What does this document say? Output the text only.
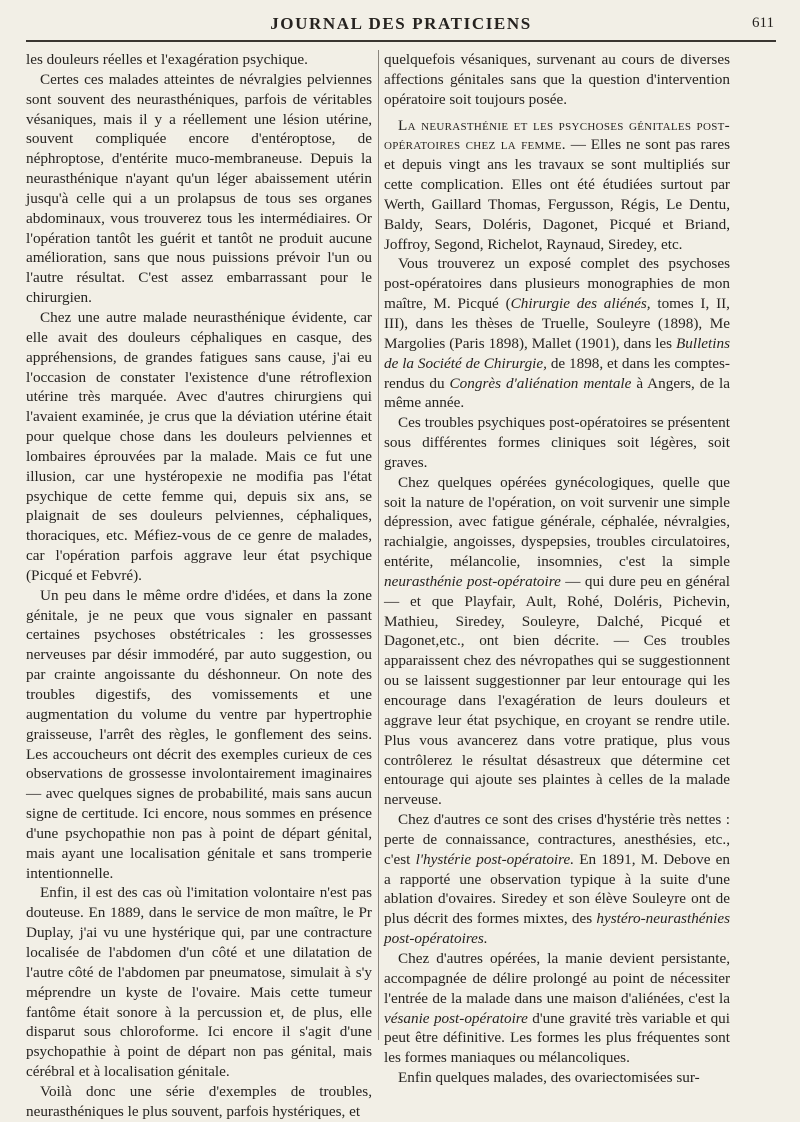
JOURNAL DES PRATICIENS	611

les douleurs réelles et l'exagération psychique.

Certes ces malades atteintes de névralgies pelviennes sont souvent des neurasthéniques, parfois de véritables vésaniques, mais il y a réellement une lésion utérine, souvent compliquée encore d'entéroptose, de néphroptose, d'entérite muco-membraneuse. Depuis la neurasthénique n'ayant qu'un léger abaissement utérin jusqu'à celle qui a un prolapsus de tous ses organes abdominaux, vous trouverez tous les intermédiaires. Or l'opération tantôt les guérit et tantôt ne produit aucune amélioration, sans que nous puissions prévoir l'un ou l'autre résultat. C'est assez embarrassant pour le chirurgien.

Chez une autre malade neurasthénique évidente, car elle avait des douleurs céphaliques en casque, des appréhensions, de grandes fatigues sans cause, j'ai eu l'occasion de constater l'existence d'une rétroflexion utérine très marquée. Avec d'autres chirurgiens qui l'avaient examinée, je crus que la déviation utérine était pour quelque chose dans les douleurs pelviennes et lombaires éprouvées par la malade. Mais ce fut une illusion, car une hystéropexie ne modifia pas l'état psychique de cette femme qui, depuis six ans, se plaignait de ses douleurs pelviennes, céphaliques, thoraciques, etc. Méfiez-vous de ce genre de malades, car l'opération parfois aggrave leur état psychique (Picqué et Febvré).

Un peu dans le même ordre d'idées, et dans la zone génitale, je ne peux que vous signaler en passant certaines psychoses obstétricales : les grossesses nerveuses par désir immodéré, par auto suggestion, ou par crainte angoissante du déshonneur. On note des troubles digestifs, des vomissements et une augmentation du volume du ventre par hypertrophie graisseuse, l'arrêt des règles, le gonflement des seins. Les accoucheurs ont décrit des exemples curieux de ces observations de grossesse involontairement imaginaires — avec quelques signes de probabilité, mais sans aucun signe de certitude. Ici encore, nous sommes en présence d'une psychopathie non pas à point de départ génital, mais ayant une localisation génitale et sans tromperie intentionnelle.

Enfin, il est des cas où l'imitation volontaire n'est pas douteuse. En 1889, dans le service de mon maître, le Pr Duplay, j'ai vu une hystérique qui, par une contracture localisée de l'abdomen d'un côté et une dilatation de l'autre côté de l'abdomen par pneumatose, simulait à s'y méprendre un kyste de l'ovaire. Mais cette tumeur fantôme était sonore à la percussion et, de plus, elle disparut sous chloroforme. Ici encore il s'agit d'une psychopathie à point de départ non pas génital, mais cérébral et à localisation génitale.

Voilà donc une série d'exemples de troubles, neurasthéniques le plus souvent, parfois hystériques, et

quelquefois vésaniques, survenant au cours de diverses affections génitales sans que la question d'intervention opératoire soit toujours posée.

La neurasthénie et les psychoses génitales post-opératoires chez la femme. — Elles ne sont pas rares et depuis vingt ans les travaux se sont multipliés sur cette complication. Elles ont été étudiées surtout par Werth, Gaillard Thomas, Fergusson, Régis, Le Dentu, Baldy, Sears, Doléris, Dagonet, Picqué et Briand, Joffroy, Segond, Richelot, Raynaud, Siredey, etc.

Vous trouverez un exposé complet des psychoses post-opératoires dans plusieurs monographies de mon maître, M. Picqué (Chirurgie des aliénés, tomes I, II, III), dans les thèses de Truelle, Souleyre (1898), Me Margolies (Paris 1898), Mallet (1901), dans les Bulletins de la Société de Chirurgie, de 1898, et dans les comptes-rendus du Congrès d'aliénation mentale à Angers, de la même année.

Ces troubles psychiques post-opératoires se présentent sous différentes formes cliniques soit légères, soit graves.

Chez quelques opérées gynécologiques, quelle que soit la nature de l'opération, on voit survenir une simple dépression, avec fatigue générale, céphalée, névralgies, rachialgie, angoisses, dyspepsies, troubles circulatoires, entérite, mélancolie, insomnies, c'est la simple neurasthénie post-opératoire — qui dure peu en général — et que Playfair, Ault, Rohé, Doléris, Pichevin, Mathieu, Siredey, Souleyre, Dalché, Picqué et Dagonet,etc., ont bien décrite. — Ces troubles apparaissent chez des névropathes qui se suggestionnent ou se laissent suggestionner par leur entourage qui les encourage dans l'exagération de leurs douleurs et aggrave leur état psychique, en croyant se rendre utile. Plus vous avancerez dans votre pratique, plus vous contrôlerez le résultat désastreux que détermine cet entourage qui ajoute ses plaintes à celles de la malade nerveuse.

Chez d'autres ce sont des crises d'hystérie très nettes : perte de connaissance, contractures, anesthésies, etc., c'est l'hystérie post-opératoire. En 1891, M. Debove en a rapporté une observation typique à la suite d'une ablation d'ovaires. Siredey et son élève Souleyre ont de plus décrit des formes mixtes, des hystéro-neurasthénies post-opératoires.

Chez d'autres opérées, la manie devient persistante, accompagnée de délire prolongé au point de nécessiter l'entrée de la malade dans une maison d'aliénées, c'est la vésanie post-opératoire d'une gravité très variable et qui peut être définitive. Les formes les plus fréquentes sont les formes maniaques ou mélancoliques.

Enfin quelques malades, des ovariectomisées sur-
